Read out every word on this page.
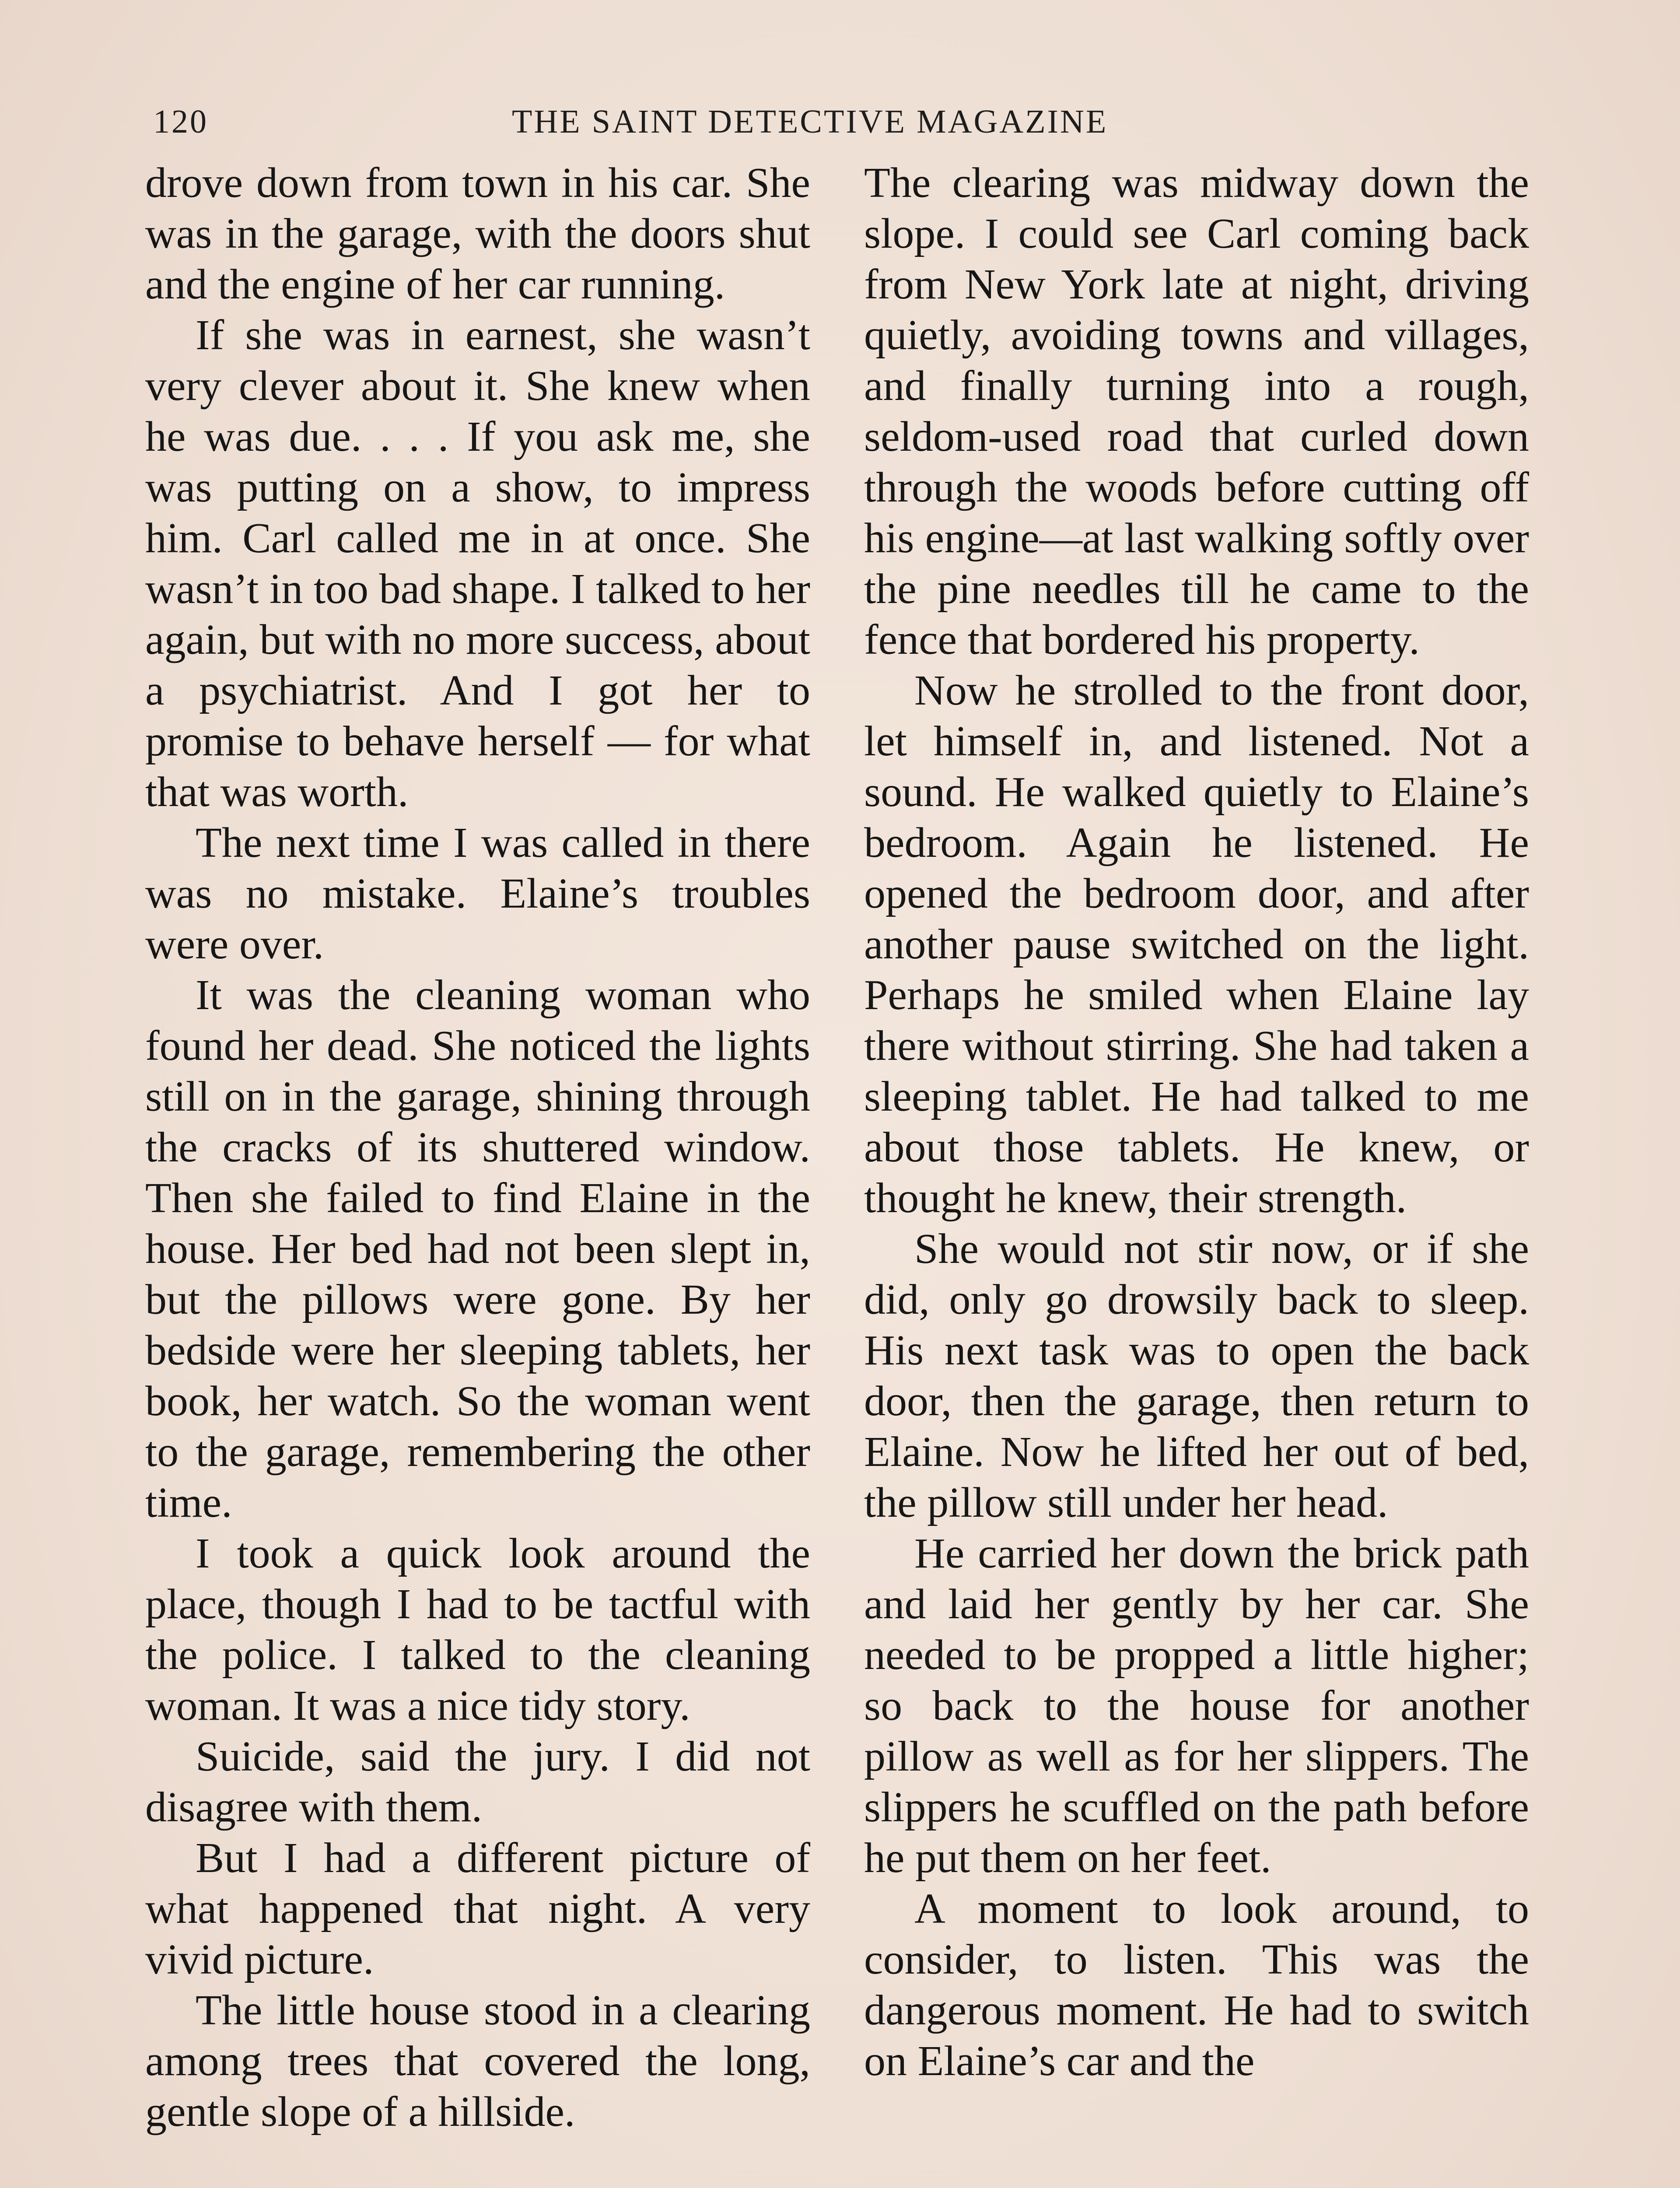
120	THE SAINT DETECTIVE MAGAZINE

drove down from town in his car. She was in the garage, with the doors shut and the engine of her car running.

If she was in earnest, she wasn’t very clever about it. She knew when he was due. . . . If you ask me, she was putting on a show, to impress him. Carl called me in at once. She wasn’t in too bad shape. I talked to her again, but with no more success, about a psychiatrist. And I got her to promise to behave herself — for what that was worth.

The next time I was called in there was no mistake. Elaine’s troubles were over.

It was the cleaning woman who found her dead. She noticed the lights still on in the garage, shining through the cracks of its shuttered window. Then she failed to find Elaine in the house. Her bed had not been slept in, but the pillows were gone. By her bedside were her sleeping tablets, her book, her watch. So the woman went to the garage, remembering the other time.

I took a quick look around the place, though I had to be tactful with the police. I talked to the cleaning woman. It was a nice tidy story.

Suicide, said the jury. I did not disagree with them.

But I had a different picture of what happened that night. A very vivid picture.

The little house stood in a clearing among trees that covered the long, gentle slope of a hillside.

The clearing was midway down the slope. I could see Carl coming back from New York late at night, driving quietly, avoiding towns and villages, and finally turning into a rough, seldom-used road that curled down through the woods before cutting off his engine—at last walking softly over the pine needles till he came to the fence that bordered his property.

Now he strolled to the front door, let himself in, and listened. Not a sound. He walked quietly to Elaine’s bedroom. Again he listened. He opened the bedroom door, and after another pause switched on the light. Perhaps he smiled when Elaine lay there without stirring. She had taken a sleeping tablet. He had talked to me about those tablets. He knew, or thought he knew, their strength.

She would not stir now, or if she did, only go drowsily back to sleep. His next task was to open the back door, then the garage, then return to Elaine. Now he lifted her out of bed, the pillow still under her head.

He carried her down the brick path and laid her gently by her car. She needed to be propped a little higher; so back to the house for another pillow as well as for her slippers. The slippers he scuffled on the path before he put them on her feet.

A moment to look around, to consider, to listen. This was the dangerous moment. He had to switch on Elaine’s car and the
